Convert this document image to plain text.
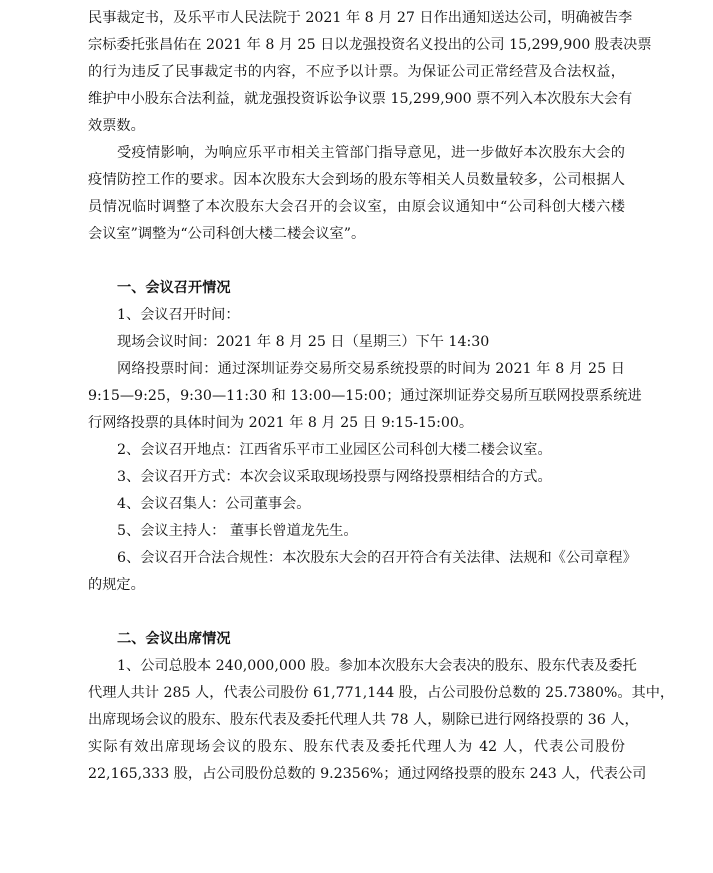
民事裁定书，及乐平市人民法院于 2021 年 8 月 27 日作出通知送达公司，明确被告李
宗标委托张昌佑在 2021 年 8 月 25 日以龙强投资名义投出的公司 15,299,900 股表决票
的行为违反了民事裁定书的内容，不应予以计票。为保证公司正常经营及合法权益，
维护中小股东合法利益，就龙强投资诉讼争议票 15,299,900 票不列入本次股东大会有
效票数。
受疫情影响，为响应乐平市相关主管部门指导意见，进一步做好本次股东大会的
疫情防控工作的要求。因本次股东大会到场的股东等相关人员数量较多，公司根据人
员情况临时调整了本次股东大会召开的会议室，由原会议通知中“公司科创大楼六楼
会议室”调整为“公司科创大楼二楼会议室”。
一、会议召开情况
1、会议召开时间：
现场会议时间：2021 年 8 月 25 日（星期三）下午 14:30
网络投票时间：通过深圳证券交易所交易系统投票的时间为 2021 年 8 月 25 日
9:15—9:25，9:30—11:30 和 13:00—15:00；通过深圳证券交易所互联网投票系统进
行网络投票的具体时间为 2021 年 8 月 25 日 9:15-15:00。
2、会议召开地点：江西省乐平市工业园区公司科创大楼二楼会议室。
3、会议召开方式：本次会议采取现场投票与网络投票相结合的方式。
4、会议召集人：公司董事会。
5、会议主持人： 董事长曾道龙先生。
6、会议召开合法合规性：本次股东大会的召开符合有关法律、法规和《公司章程》
的规定。
二、会议出席情况
1、公司总股本 240,000,000 股。参加本次股东大会表决的股东、股东代表及委托
代理人共计 285 人，代表公司股份 61,771,144 股，占公司股份总数的 25.7380%。其中，
出席现场会议的股东、股东代表及委托代理人共 78 人，剔除已进行网络投票的 36 人，
实际有效出席现场会议的股东、股东代表及委托代理人为 42 人，代表公司股份
22,165,333 股，占公司股份总数的 9.2356%；通过网络投票的股东 243 人，代表公司
